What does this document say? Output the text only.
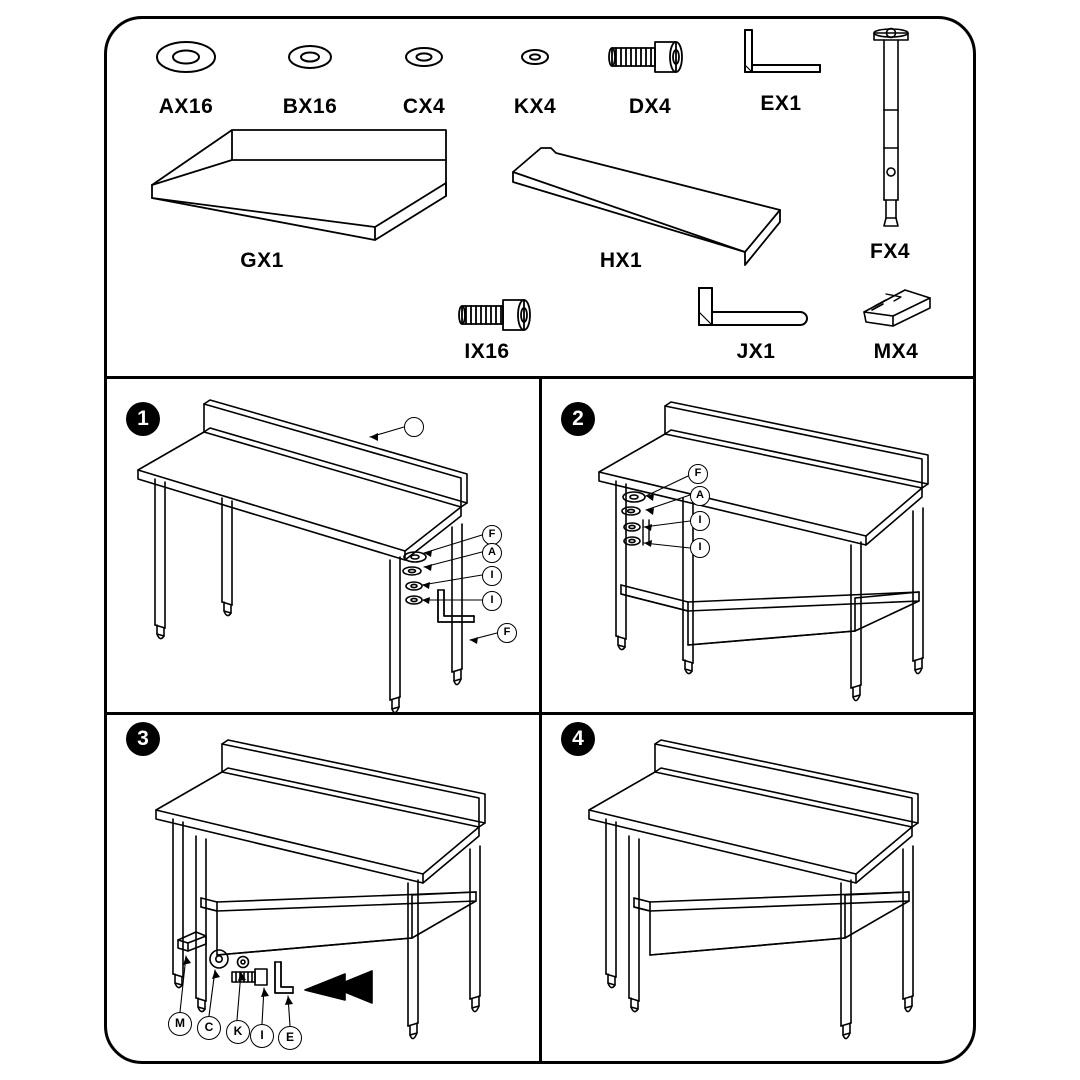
AX16	BX16	CX4	KX4	DX4	EX1
FX4
GX1	HX1
IX16	JX1	MX4
1	2
3	4
F
A
I
I
F
F
A
I
I
M	C	K	I	E
